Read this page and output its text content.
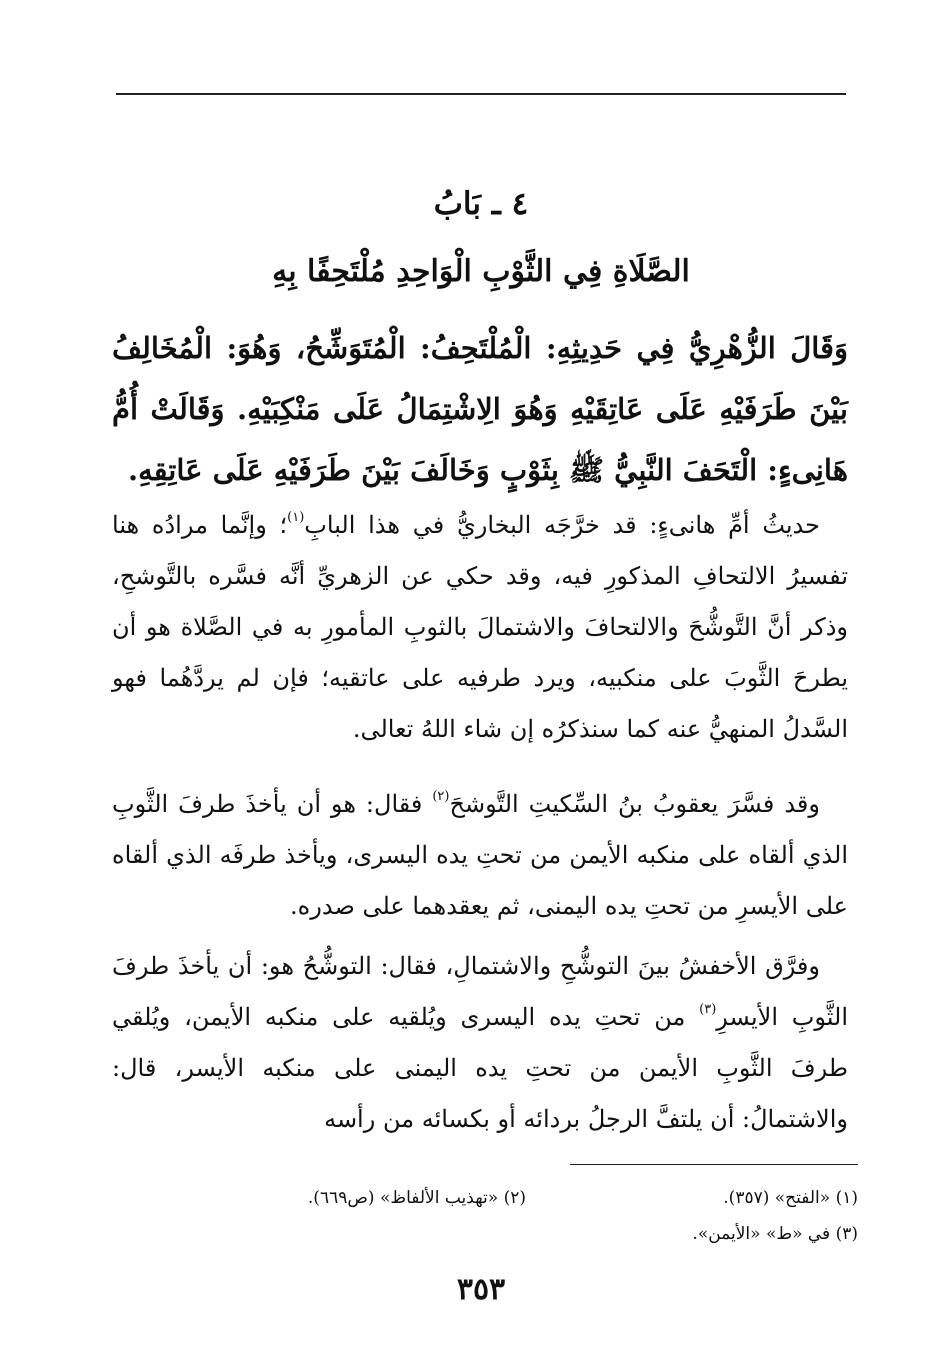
٤ ـ بَابُ
الصَّلَاةِ فِي الثَّوْبِ الْوَاحِدِ مُلْتَحِفًا بِهِ
وَقَالَ الزُّهْرِيُّ فِي حَدِيثِهِ: الْمُلْتَحِفُ: الْمُتَوَشِّحُ، وَهُوَ: الْمُخَالِفُ بَيْنَ طَرَفَيْهِ عَلَى عَاتِقَيْهِ وَهُوَ الِاشْتِمَالُ عَلَى مَنْكِبَيْهِ. وَقَالَتْ أُمُّ هَانِىءٍ: الْتَحَفَ النَّبِيُّ ﷺ بِثَوْبٍ وَخَالَفَ بَيْنَ طَرَفَيْهِ عَلَى عَاتِقِهِ.
حديثُ أمِّ هانىءٍ: قد خرَّجَه البخاريُّ في هذا البابِ$^{(١)}$؛ وإنَّما مرادُه هنا تفسيرُ الالتحافِ المذكورِ فيه، وقد حكي عن الزهريِّ أنَّه فسَّره بالتَّوشحِ، وذكر أنَّ التَّوشُّحَ والالتحافَ والاشتمالَ بالثوبِ المأمورِ به في الصَّلاة هو أن يطرحَ الثَّوبَ على منكبيه، ويرد طرفيه على عاتقيه؛ فإن لم يردَّهُما فهو السَّدلُ المنهيُّ عنه كما سنذكرُه إن شاء اللهُ تعالى.
وقد فسَّرَ يعقوبُ بنُ السِّكيتِ التَّوشحَ$^{(٢)}$ فقال: هو أن يأخذَ طرفَ الثَّوبِ الذي ألقاه على منكبه الأيمن من تحتِ يده اليسرى، ويأخذ طرفَه الذي ألقاه على الأيسرِ من تحتِ يده اليمنى، ثم يعقدهما على صدره.
وفرَّق الأخفشُ بينَ التوشُّحِ والاشتمالِ، فقال: التوشُّحُ هو: أن يأخذَ طرفَ الثَّوبِ الأيسرِ$^{(٣)}$ من تحتِ يده اليسرى ويُلقيه على منكبه الأيمن، ويُلقي طرفَ الثَّوبِ الأيمن من تحتِ يده اليمنى على منكبه الأيسر، قال: والاشتمالُ: أن يلتفَّ الرجلُ بردائه أو بكسائه من رأسه
(١) «الفتح» (٣٥٧).
(٢) «تهذيب الألفاظ» (ص٦٦٩).
(٣) في «ط» «الأيمن».
٣٥٣
